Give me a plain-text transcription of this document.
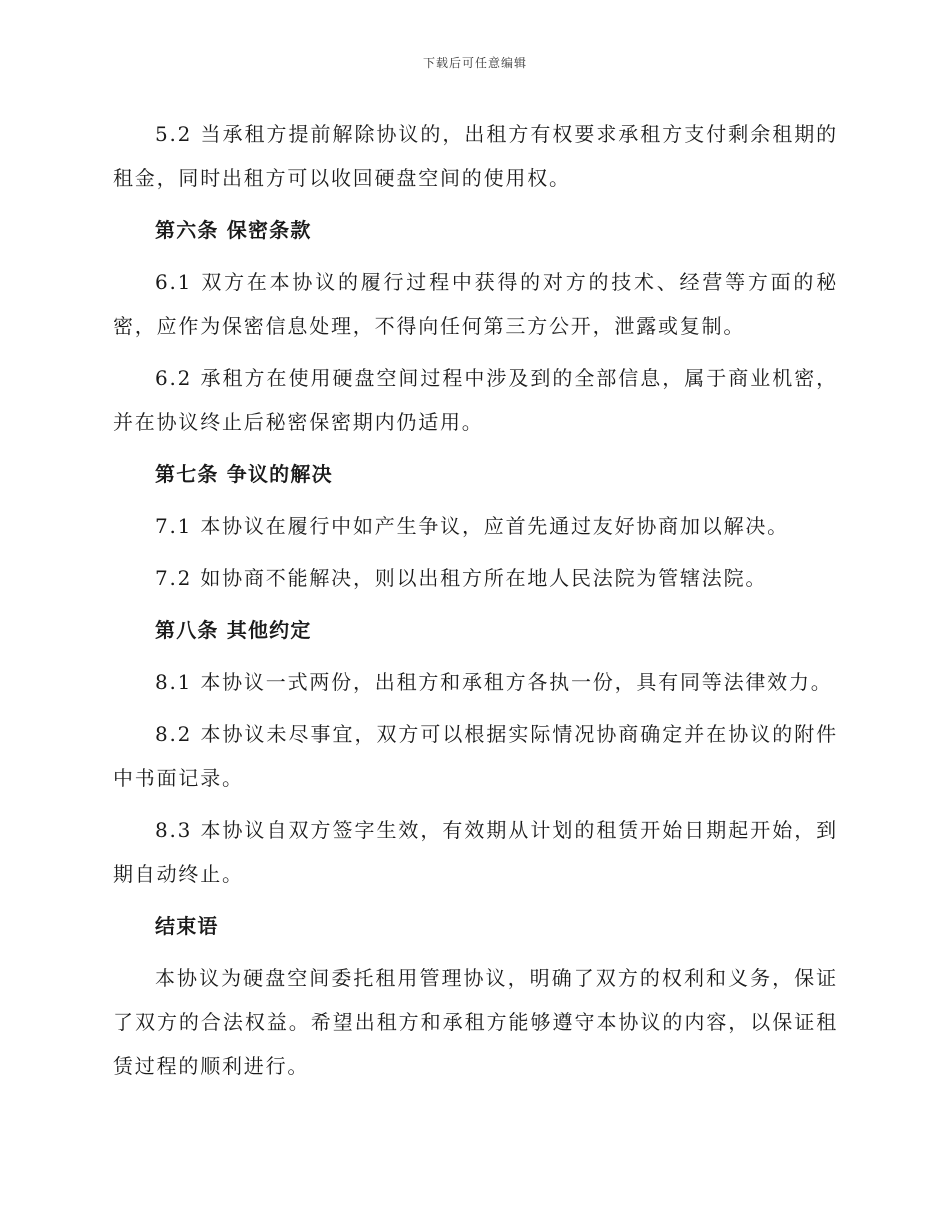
下载后可任意编辑

5.2 当承租方提前解除协议的，出租方有权要求承租方支付剩余租期的租金，同时出租方可以收回硬盘空间的使用权。

第六条 保密条款

6.1 双方在本协议的履行过程中获得的对方的技术、经营等方面的秘密，应作为保密信息处理，不得向任何第三方公开，泄露或复制。

6.2 承租方在使用硬盘空间过程中涉及到的全部信息，属于商业机密，并在协议终止后秘密保密期内仍适用。

第七条 争议的解决

7.1 本协议在履行中如产生争议，应首先通过友好协商加以解决。

7.2 如协商不能解决，则以出租方所在地人民法院为管辖法院。

第八条 其他约定

8.1 本协议一式两份，出租方和承租方各执一份，具有同等法律效力。

8.2 本协议未尽事宜，双方可以根据实际情况协商确定并在协议的附件中书面记录。

8.3 本协议自双方签字生效，有效期从计划的租赁开始日期起开始，到期自动终止。

结束语

本协议为硬盘空间委托租用管理协议，明确了双方的权利和义务，保证了双方的合法权益。希望出租方和承租方能够遵守本协议的内容，以保证租赁过程的顺利进行。
